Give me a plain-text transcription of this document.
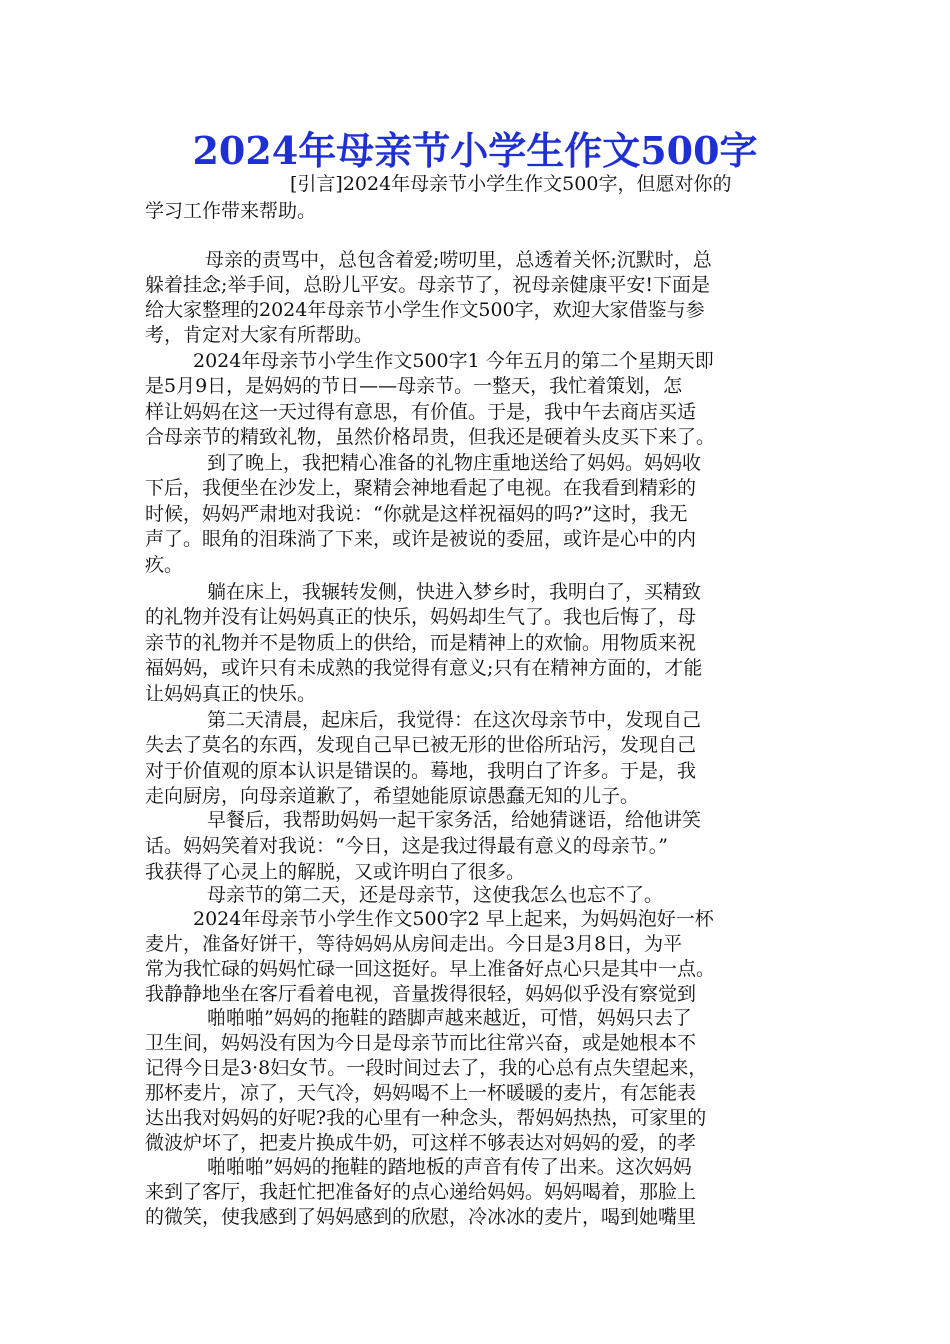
2024年母亲节小学生作文500字
[引言]2024年母亲节小学生作文500字，但愿对你的
学习工作带来帮助。
母亲的责骂中，总包含着爱;唠叨里，总透着关怀;沉默时，总
躲着挂念;举手间，总盼儿平安。母亲节了，祝母亲健康平安!下面是
给大家整理的2024年母亲节小学生作文500字，欢迎大家借鉴与参
考，肯定对大家有所帮助。
2024年母亲节小学生作文500字1 今年五月的第二个星期天即
是5月9日，是妈妈的节日——母亲节。一整天，我忙着策划，怎
样让妈妈在这一天过得有意思，有价值。于是，我中午去商店买适
合母亲节的精致礼物，虽然价格昂贵，但我还是硬着头皮买下来了。
到了晚上，我把精心准备的礼物庄重地送给了妈妈。妈妈收
下后，我便坐在沙发上，聚精会神地看起了电视。在我看到精彩的
时候，妈妈严肃地对我说：“你就是这样祝福妈的吗?”这时，我无
声了。眼角的泪珠淌了下来，或许是被说的委屈，或许是心中的内
疚。
躺在床上，我辗转发侧，快进入梦乡时，我明白了，买精致
的礼物并没有让妈妈真正的快乐，妈妈却生气了。我也后悔了，母
亲节的礼物并不是物质上的供给，而是精神上的欢愉。用物质来祝
福妈妈，或许只有未成熟的我觉得有意义;只有在精神方面的，才能
让妈妈真正的快乐。
第二天清晨，起床后，我觉得：在这次母亲节中，发现自己
失去了莫名的东西，发现自己早已被无形的世俗所玷污，发现自己
对于价值观的原本认识是错误的。蓦地，我明白了许多。于是，我
走向厨房，向母亲道歉了，希望她能原谅愚蠢无知的儿子。
早餐后，我帮助妈妈一起干家务活，给她猜谜语，给他讲笑
话。妈妈笑着对我说：“今日，这是我过得最有意义的母亲节。”
我获得了心灵上的解脱，又或许明白了很多。
母亲节的第二天，还是母亲节，这使我怎么也忘不了。
2024年母亲节小学生作文500字2 早上起来，为妈妈泡好一杯
麦片，准备好饼干，等待妈妈从房间走出。今日是3月8日，为平
常为我忙碌的妈妈忙碌一回这挺好。早上准备好点心只是其中一点。
我静静地坐在客厅看着电视，音量拨得很轻，妈妈似乎没有察觉到
啪啪啪”妈妈的拖鞋的踏脚声越来越近，可惜，妈妈只去了
卫生间，妈妈没有因为今日是母亲节而比往常兴奋，或是她根本不
记得今日是3·8妇女节。一段时间过去了，我的心总有点失望起来，
那杯麦片，凉了，天气冷，妈妈喝不上一杯暖暖的麦片，有怎能表
达出我对妈妈的好呢?我的心里有一种念头，帮妈妈热热，可家里的
微波炉坏了，把麦片换成牛奶，可这样不够表达对妈妈的爱，的孝
啪啪啪”妈妈的拖鞋的踏地板的声音有传了出来。这次妈妈
来到了客厅，我赶忙把准备好的点心递给妈妈。妈妈喝着，那脸上
的微笑，使我感到了妈妈感到的欣慰，冷冰冰的麦片，喝到她嘴里
